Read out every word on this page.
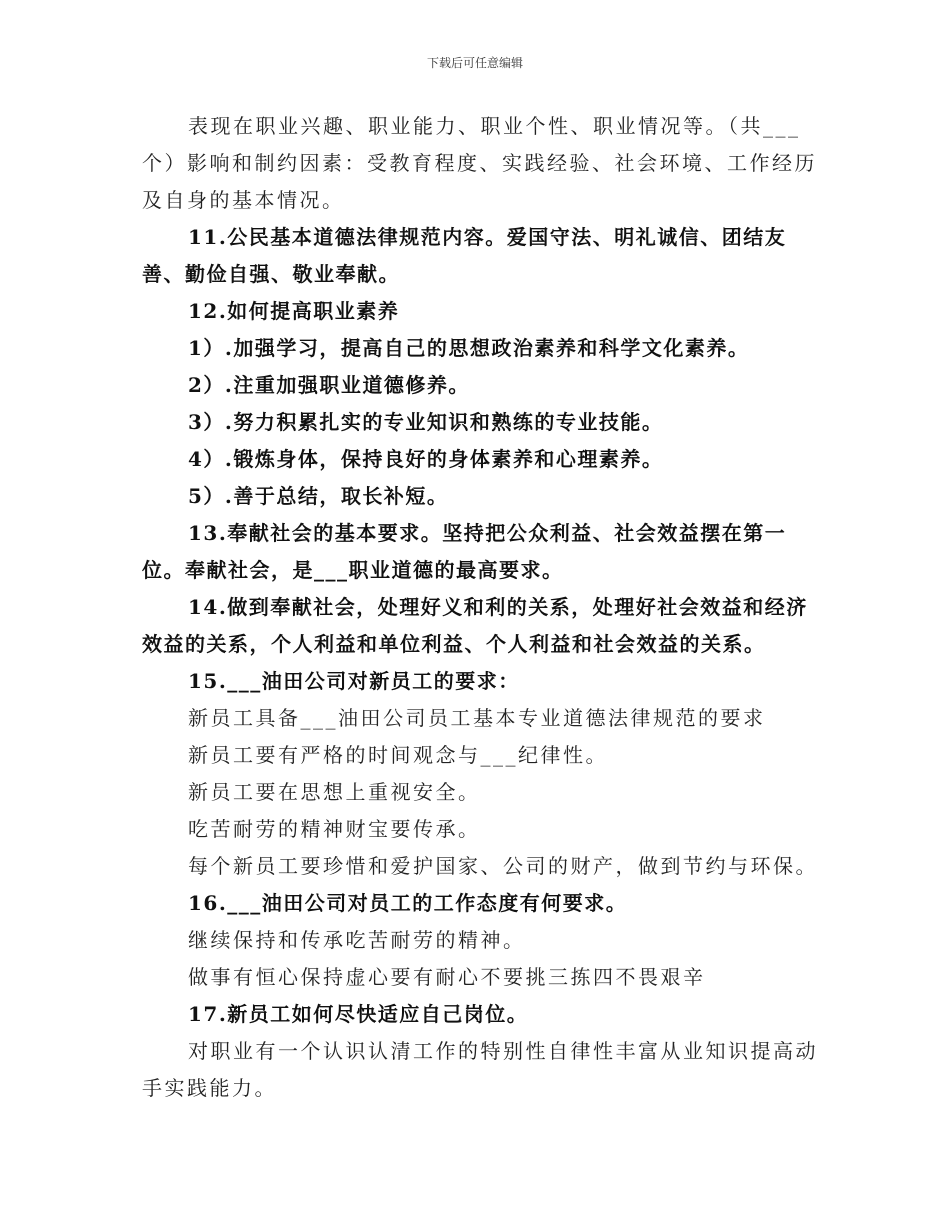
下载后可任意编辑

表现在职业兴趣、职业能力、职业个性、职业情况等。（共___个）影响和制约因素：受教育程度、实践经验、社会环境、工作经历及自身的基本情况。

11.公民基本道德法律规范内容。爱国守法、明礼诚信、团结友善、勤俭自强、敬业奉献。

12.如何提高职业素养

1）.加强学习，提高自己的思想政治素养和科学文化素养。

2）.注重加强职业道德修养。

3）.努力积累扎实的专业知识和熟练的专业技能。

4）.锻炼身体，保持良好的身体素养和心理素养。

5）.善于总结，取长补短。

13.奉献社会的基本要求。坚持把公众利益、社会效益摆在第一位。奉献社会，是___职业道德的最高要求。

14.做到奉献社会，处理好义和利的关系，处理好社会效益和经济效益的关系，个人利益和单位利益、个人利益和社会效益的关系。

15.___油田公司对新员工的要求：

新员工具备___油田公司员工基本专业道德法律规范的要求

新员工要有严格的时间观念与___纪律性。

新员工要在思想上重视安全。

吃苦耐劳的精神财宝要传承。

每个新员工要珍惜和爱护国家、公司的财产，做到节约与环保。

16.___油田公司对员工的工作态度有何要求。

继续保持和传承吃苦耐劳的精神。

做事有恒心保持虚心要有耐心不要挑三拣四不畏艰辛

17.新员工如何尽快适应自己岗位。

对职业有一个认识认清工作的特别性自律性丰富从业知识提高动手实践能力。
